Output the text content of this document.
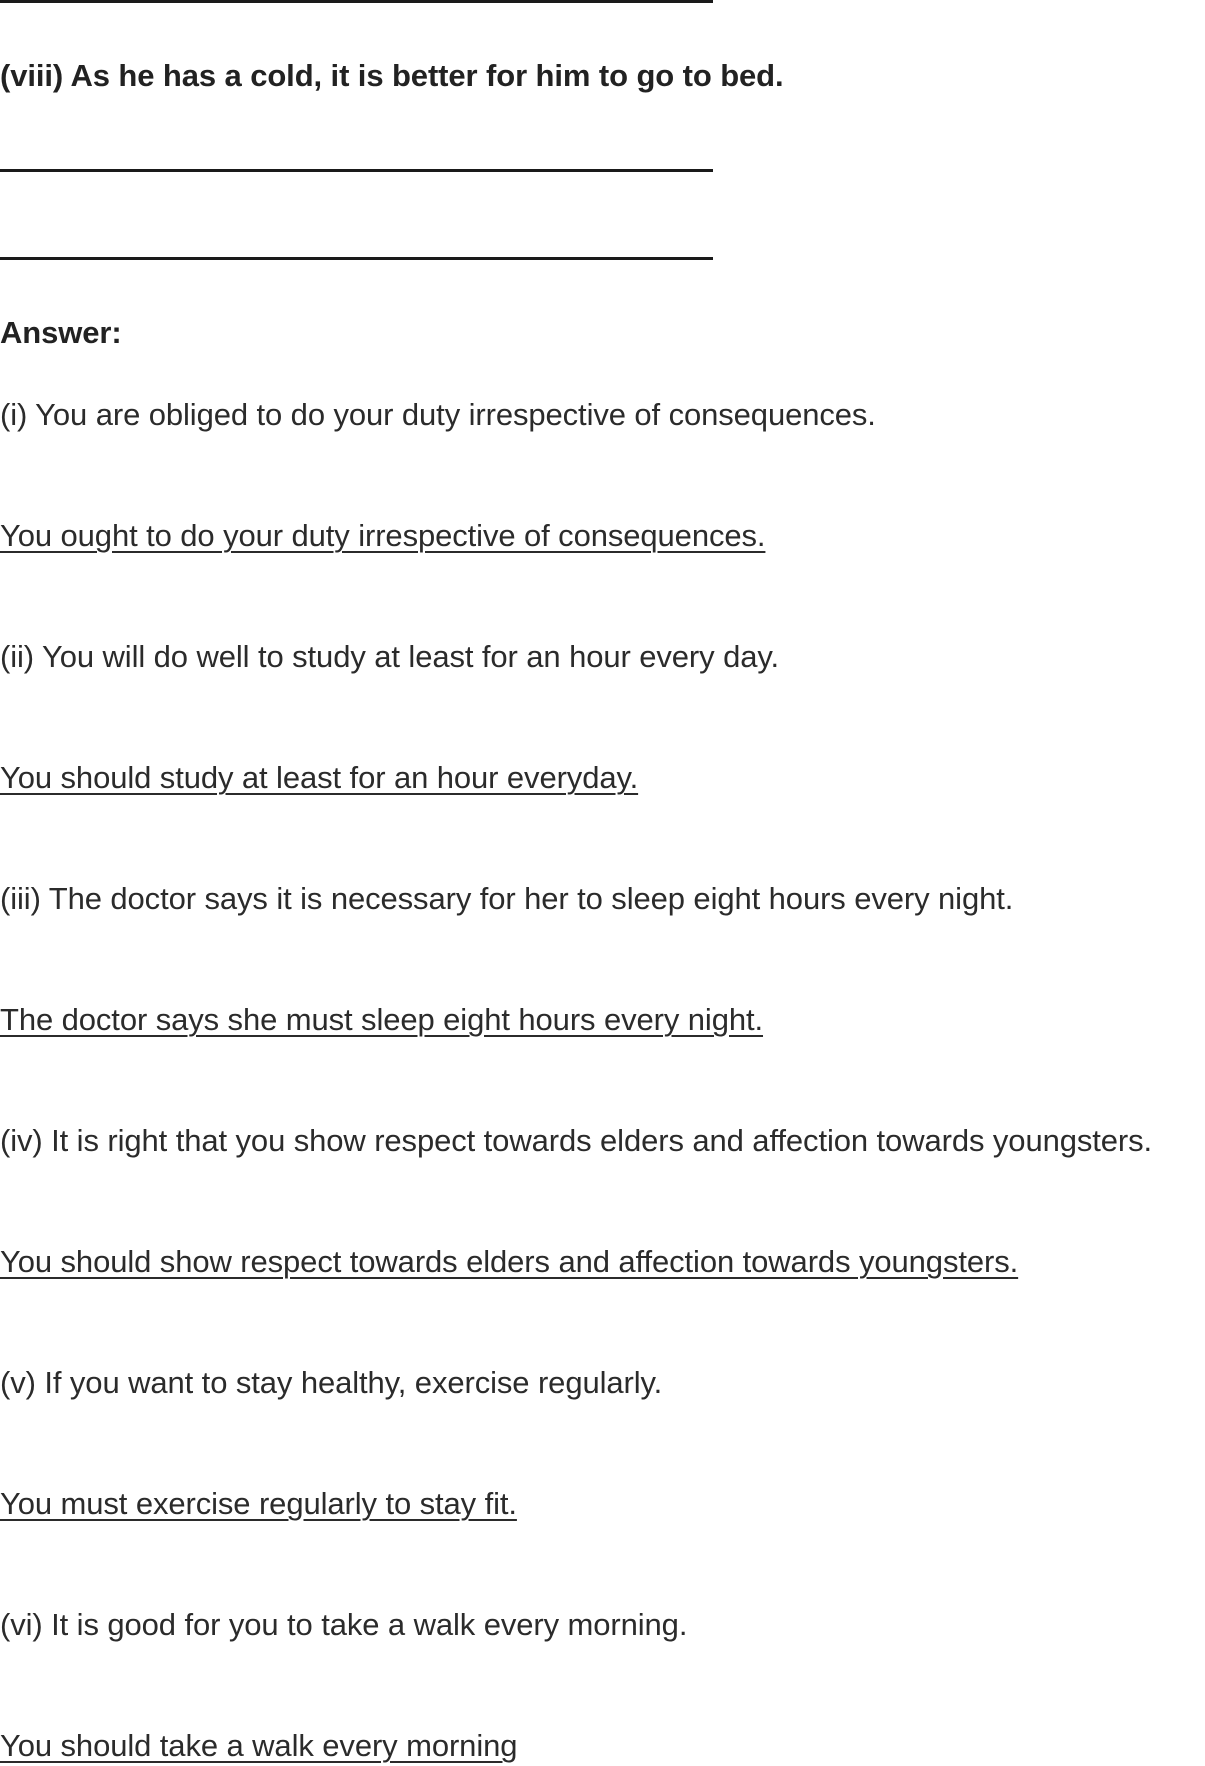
(viii) As he has a cold, it is better for him to go to bed.
Answer:
(i) You are obliged to do your duty irrespective of consequences.
You ought to do your duty irrespective of consequences.
(ii) You will do well to study at least for an hour every day.
You should study at least for an hour everyday.
(iii) The doctor says it is necessary for her to sleep eight hours every night.
The doctor says she must sleep eight hours every night.
(iv) It is right that you show respect towards elders and affection towards youngsters.
You should show respect towards elders and affection towards youngsters.
(v) If you want to stay healthy, exercise regularly.
You must exercise regularly to stay fit.
(vi) It is good for you to take a walk every morning.
You should take a walk every morning
